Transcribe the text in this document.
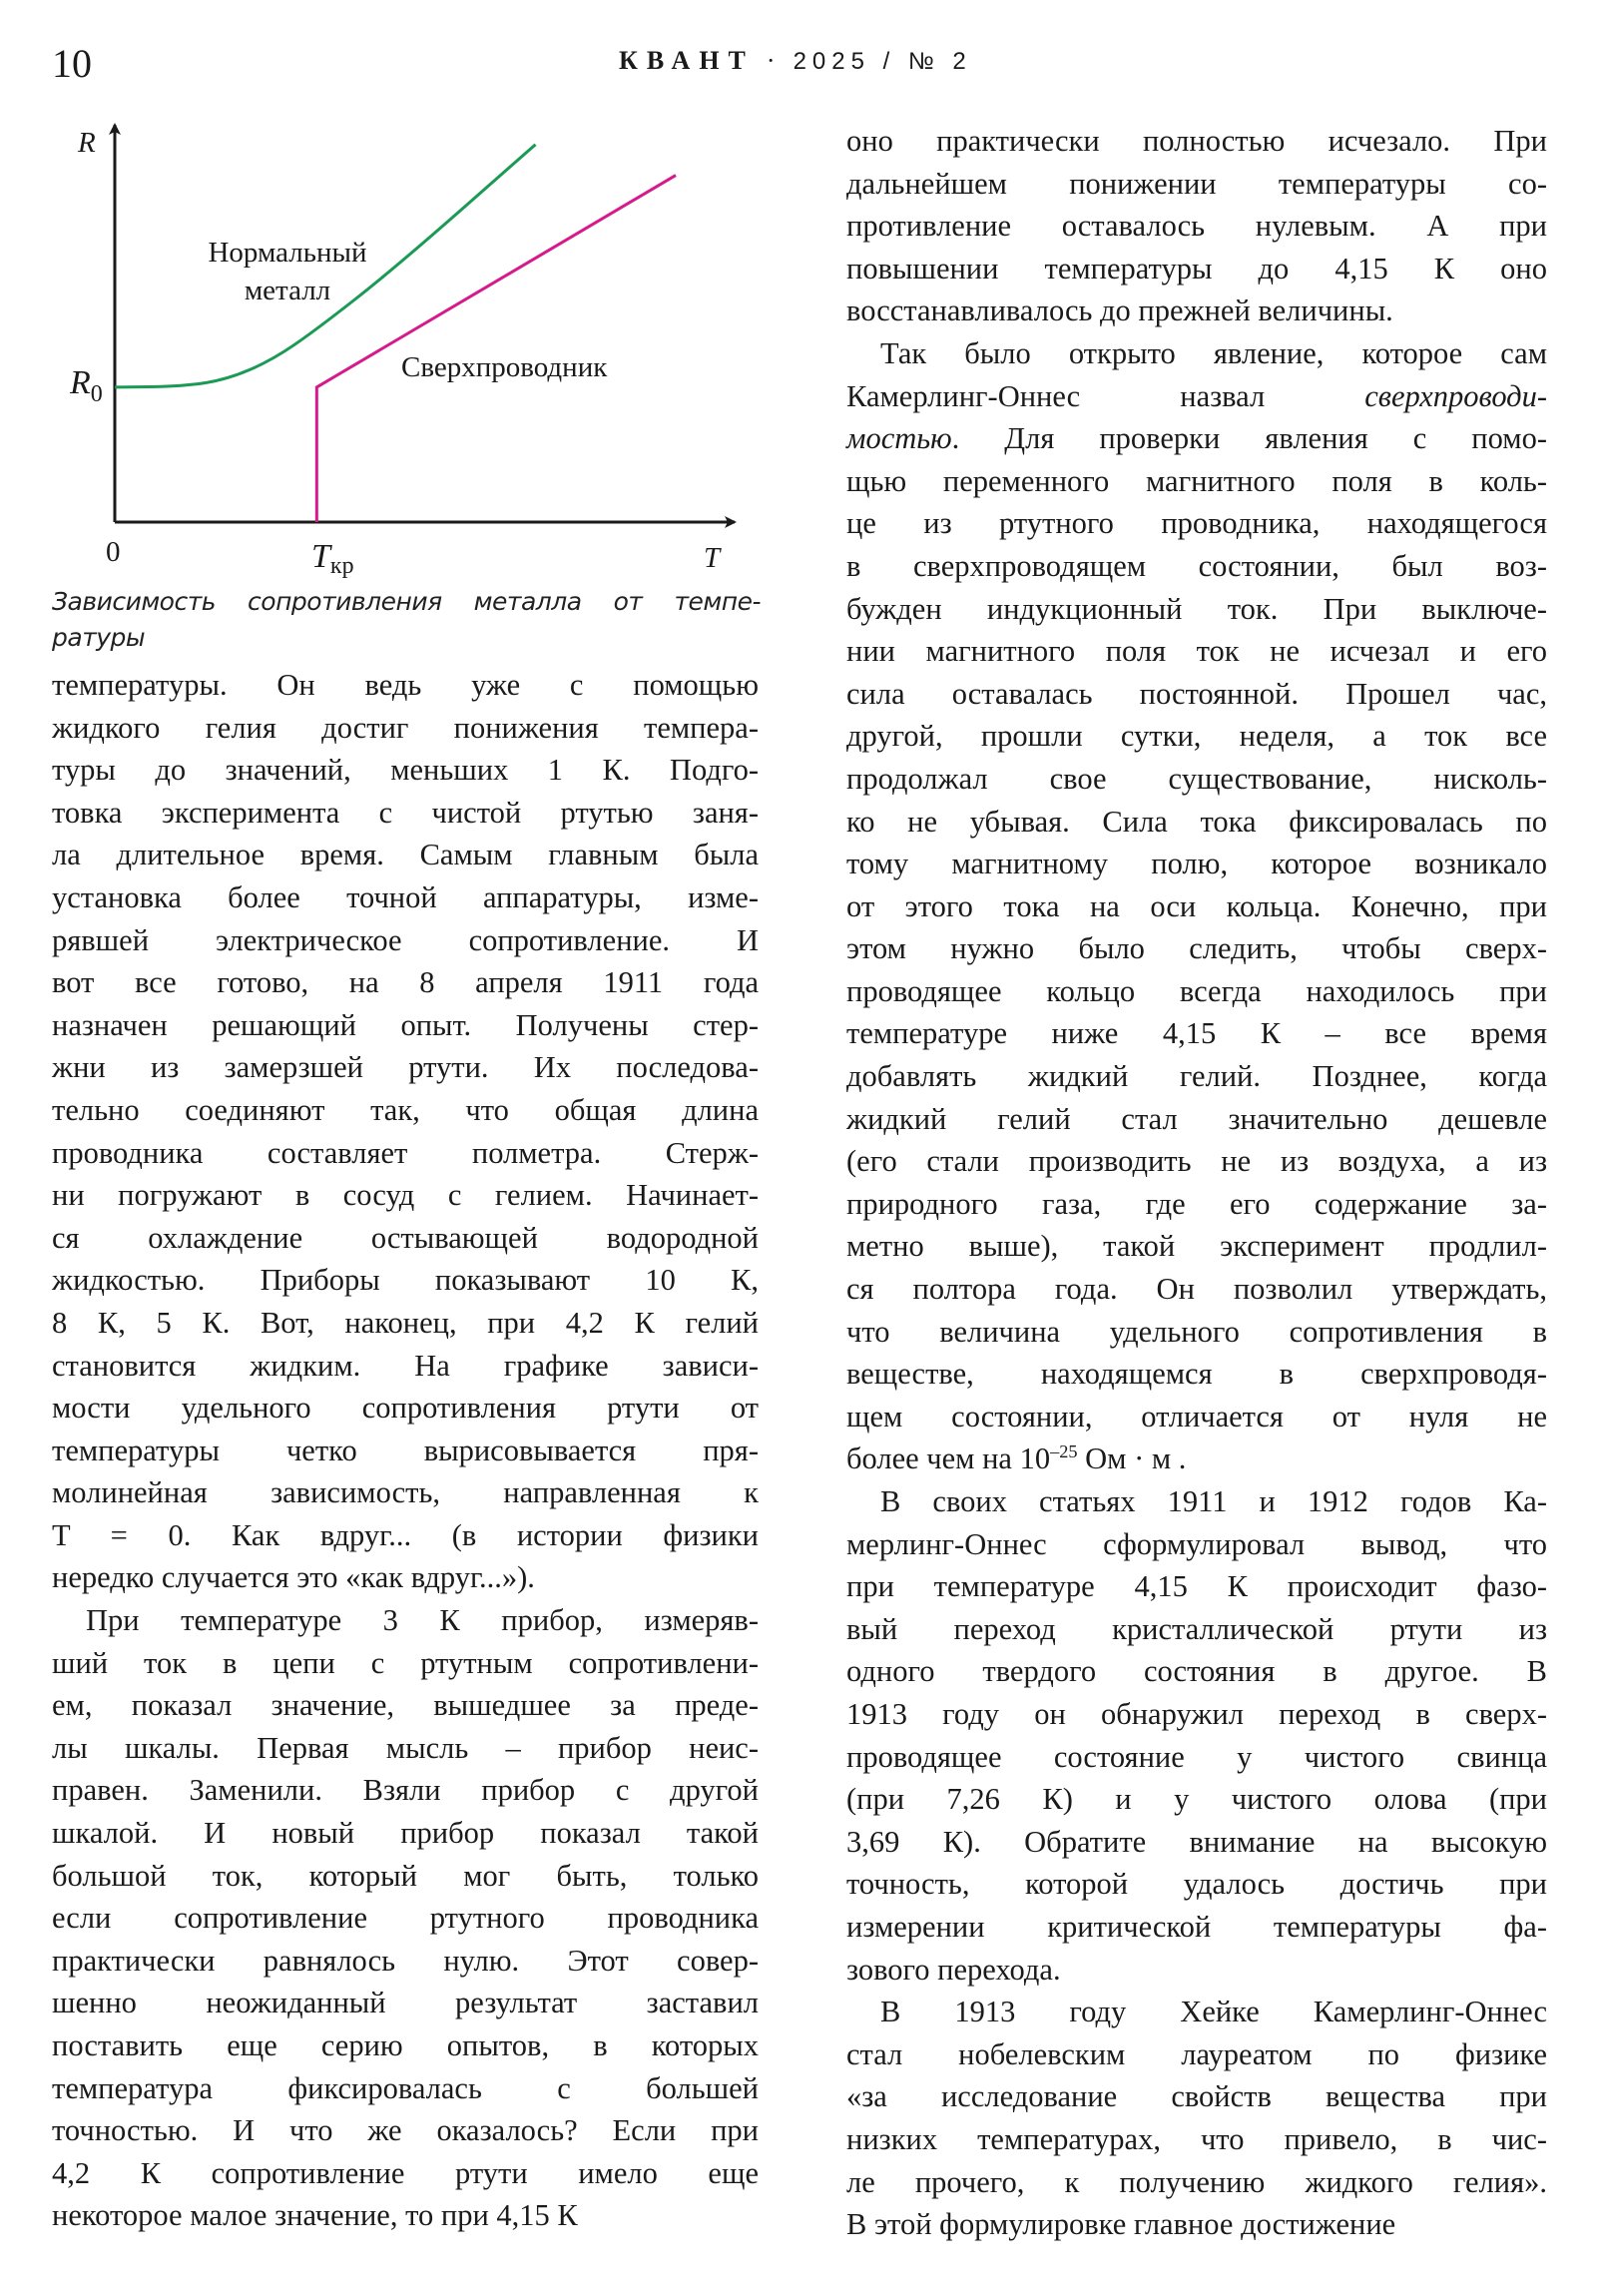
10	КВАНТ · 2025 / № 2
R
T
0	$T_{кр}$
$R_0$
Нормальный
металл
Сверхпроводник
Зависимость сопротивления металла от темпе-
ратуры

температуры. Он ведь уже с помощью
жидкого гелия достиг понижения темпера-
туры до значений, меньших 1 К. Подго-
товка эксперимента с чистой ртутью заня-
ла длительное время. Самым главным была
установка более точной аппаратуры, изме-
рявшей электрическое сопротивление. И
вот все готово, на 8 апреля 1911 года
назначен решающий опыт. Получены стер-
жни из замерзшей ртути. Их последова-
тельно соединяют так, что общая длина
проводника составляет полметра. Стерж-
ни погружают в сосуд с гелием. Начинает-
ся охлаждение остывающей водородной
жидкостью. Приборы показывают 10 К,
8 К, 5 К. Вот, наконец, при 4,2 К гелий
становится жидким. На графике зависи-
мости удельного сопротивления ртути от
температуры четко вырисовывается пря-
молинейная зависимость, направленная к
T = 0. Как вдруг... (в истории физики
нередко случается это «как вдруг...»).

При температуре 3 К прибор, измеряв-
ший ток в цепи с ртутным сопротивлени-
ем, показал значение, вышедшее за преде-
лы шкалы. Первая мысль – прибор неис-
правен. Заменили. Взяли прибор с другой
шкалой. И новый прибор показал такой
большой ток, который мог быть, только
если сопротивление ртутного проводника
практически равнялось нулю. Этот совер-
шенно неожиданный результат заставил
поставить еще серию опытов, в которых
температура фиксировалась с большей
точностью. И что же оказалось? Если при
4,2 К сопротивление ртути имело еще
некоторое малое значение, то при 4,15 К

оно практически полностью исчезало. При
дальнейшем понижении температуры со-
противление оставалось нулевым. А при
повышении температуры до 4,15 К оно
восстанавливалось до прежней величины.

Так было открыто явление, которое сам
Камерлинг-Оннес назвал сверхпроводи-
мостью. Для проверки явления с помо-
щью переменного магнитного поля в коль-
це из ртутного проводника, находящегося
в сверхпроводящем состоянии, был воз-
бужден индукционный ток. При выключе-
нии магнитного поля ток не исчезал и его
сила оставалась постоянной. Прошел час,
другой, прошли сутки, неделя, а ток все
продолжал свое существование, нисколь-
ко не убывая. Сила тока фиксировалась по
тому магнитному полю, которое возникало
от этого тока на оси кольца. Конечно, при
этом нужно было следить, чтобы сверх-
проводящее кольцо всегда находилось при
температуре ниже 4,15 К – все время
добавлять жидкий гелий. Позднее, когда
жидкий гелий стал значительно дешевле
(его стали производить не из воздуха, а из
природного газа, где его содержание за-
метно выше), такой эксперимент продлил-
ся полтора года. Он позволил утверждать,
что величина удельного сопротивления в
веществе, находящемся в сверхпроводя-
щем состоянии, отличается от нуля не
более чем на $10^{-25}$ Ом · м .

В своих статьях 1911 и 1912 годов Ка-
мерлинг-Оннес сформулировал вывод, что
при температуре 4,15 К происходит фазо-
вый переход кристаллической ртути из
одного твердого состояния в другое. В
1913 году он обнаружил переход в сверх-
проводящее состояние у чистого свинца
(при 7,26 К) и у чистого олова (при
3,69 К). Обратите внимание на высокую
точность, которой удалось достичь при
измерении критической температуры фа-
зового перехода.

В 1913 году Хейке Камерлинг-Оннес
стал нобелевским лауреатом по физике
«за исследование свойств вещества при
низких температурах, что привело, в чис-
ле прочего, к получению жидкого гелия».
В этой формулировке главное достижение
